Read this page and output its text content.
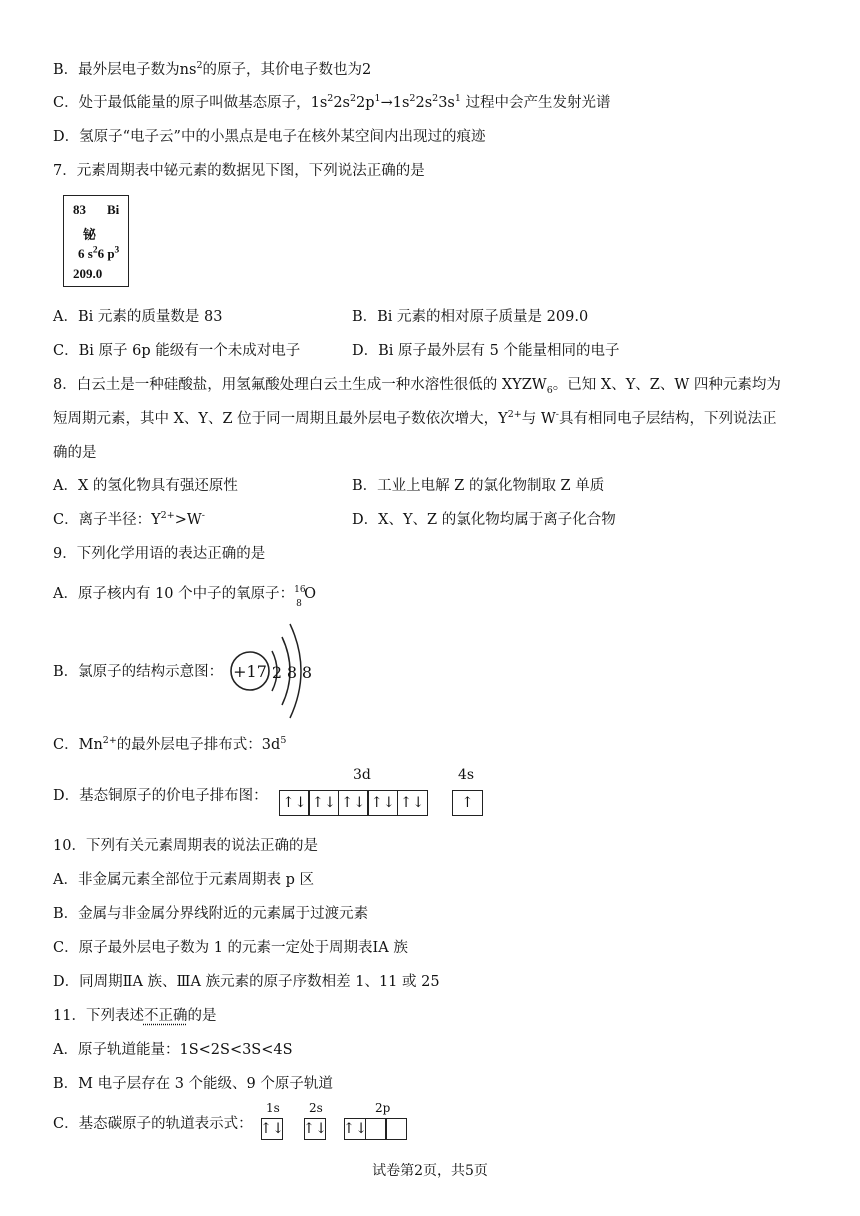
B．最外层电子数为$ns^2$的原子，其价电子数也为2
C．处于最低能量的原子叫做基态原子，$1s^22s^22p^1\to 1s^22s^23s^1$ 过程中会产生发射光谱
D．氢原子“电子云”中的小黑点是电子在核外某空间内出现过的痕迹
7．元素周期表中铋元素的数据见下图，下列说法正确的是
83 Bi
铋
6 $s^26$ $p^3$
209.0
A．Bi 元素的质量数是 83	B．Bi 元素的相对原子质量是 209.0
C．Bi 原子 6p 能级有一个未成对电子	D．Bi 原子最外层有 5 个能量相同的电子
8．白云土是一种硅酸盐，用氢氟酸处理白云土生成一种水溶性很低的 $XYZW_6$。已知 X、Y、Z、W 四种元素均为
短周期元素，其中 X、Y、Z 位于同一周期且最外层电子数依次增大，$Y^{2+}$与 W-具有相同电子层结构，下列说法正
确的是
A．X 的氢化物具有强还原性	B．工业上电解 Z 的氯化物制取 Z 单质
C．离子半径：$Y^{2+}>W^-$	D．X、Y、Z 的氯化物均属于离子化合物
9．下列化学用语的表达正确的是
A．原子核内有 10 个中子的氧原子： 16
8
O
B．氯原子的结构示意图： +17 2 8 8
C．$Mn^{2+}$的最外层电子排布式：$3d^5$
D．基态铜原子的价电子排布图：
3d	4s
↑↓ ↑↓ ↑↓ ↑↓ ↑↓	↑
10．下列有关元素周期表的说法正确的是
A．非金属元素全部位于元素周期表 p 区
B．金属与非金属分界线附近的元素属于过渡元素
C．原子最外层电子数为 1 的元素一定处于周期表ⅠA 族
D．同周期ⅡA 族、ⅢA 族元素的原子序数相差 1、11 或 25
11．下列表述不正确的是
A．原子轨道能量：1S<2S<3S<4S
B．M 电子层存在 3 个能级、9 个原子轨道
C．基态碳原子的轨道表示式：
1s 2s	2p
↑↓ ↑↓ ↑↓
试卷第2页，共5页
